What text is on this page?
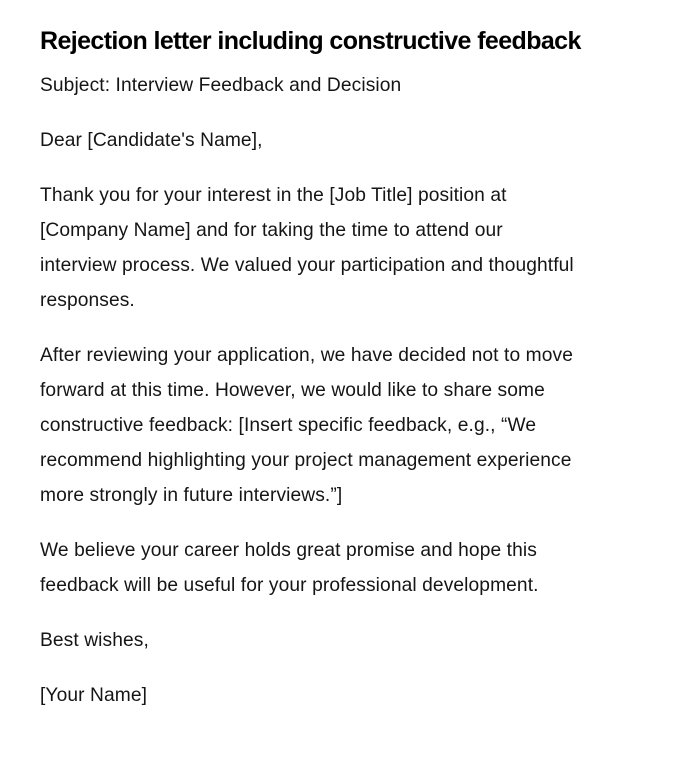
Rejection letter including constructive feedback

Subject: Interview Feedback and Decision

Dear [Candidate's Name],

Thank you for your interest in the [Job Title] position at
[Company Name] and for taking the time to attend our
interview process. We valued your participation and thoughtful
responses.

After reviewing your application, we have decided not to move
forward at this time. However, we would like to share some
constructive feedback: [Insert specific feedback, e.g., “We
recommend highlighting your project management experience
more strongly in future interviews.”]

We believe your career holds great promise and hope this
feedback will be useful for your professional development.

Best wishes,

[Your Name]
